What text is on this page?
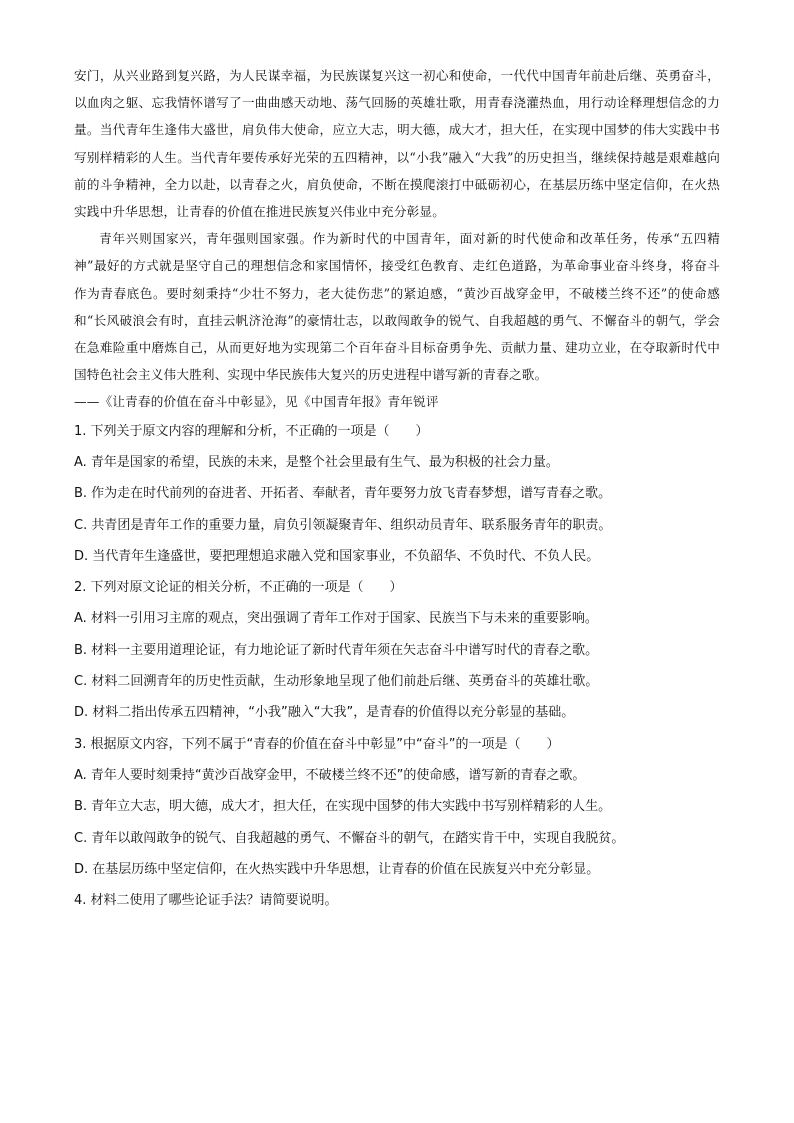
安门，从兴业路到复兴路，为人民谋幸福，为民族谋复兴这一初心和使命，一代代中国青年前赴后继、英勇奋斗，以血肉之躯、忘我情怀谱写了一曲曲感天动地、荡气回肠的英雄壮歌，用青春浇灌热血，用行动诠释理想信念的力量。当代青年生逢伟大盛世，肩负伟大使命，应立大志，明大德，成大才，担大任，在实现中国梦的伟大实践中书写别样精彩的人生。当代青年要传承好光荣的五四精神，以“小我”融入“大我”的历史担当，继续保持越是艰难越向前的斗争精神，全力以赴，以青春之火，肩负使命，不断在摸爬滚打中砥砺初心，在基层历练中坚定信仰，在火热实践中升华思想，让青春的价值在推进民族复兴伟业中充分彰显。

青年兴则国家兴，青年强则国家强。作为新时代的中国青年，面对新的时代使命和改革任务，传承“五四精神”最好的方式就是坚守自己的理想信念和家国情怀，接受红色教育、走红色道路，为革命事业奋斗终身，将奋斗作为青春底色。要时刻秉持“少壮不努力，老大徒伤悲”的紧迫感，“黄沙百战穿金甲，不破楼兰终不还”的使命感和“长风破浪会有时，直挂云帆济沧海”的豪情壮志，以敢闯敢争的锐气、自我超越的勇气、不懈奋斗的朝气，学会在急难险重中磨炼自己，从而更好地为实现第二个百年奋斗目标奋勇争先、贡献力量、建功立业，在夺取新时代中国特色社会主义伟大胜利、实现中华民族伟大复兴的历史进程中谱写新的青春之歌。

——《让青春的价值在奋斗中彰显》，见《中国青年报》青年锐评

1. 下列关于原文内容的理解和分析，不正确的一项是（　　）

A. 青年是国家的希望，民族的未来，是整个社会里最有生气、最为积极的社会力量。

B. 作为走在时代前列的奋进者、开拓者、奉献者，青年要努力放飞青春梦想，谱写青春之歌。

C. 共青团是青年工作的重要力量，肩负引领凝聚青年、组织动员青年、联系服务青年的职责。

D. 当代青年生逢盛世，要把理想追求融入党和国家事业，不负韶华、不负时代、不负人民。

2. 下列对原文论证的相关分析，不正确的一项是（　　）

A. 材料一引用习主席的观点，突出强调了青年工作对于国家、民族当下与未来的重要影响。

B. 材料一主要用道理论证，有力地论证了新时代青年须在矢志奋斗中谱写时代的青春之歌。

C. 材料二回溯青年的历史性贡献，生动形象地呈现了他们前赴后继、英勇奋斗的英雄壮歌。

D. 材料二指出传承五四精神，“小我”融入“大我”，是青春的价值得以充分彰显的基础。

3. 根据原文内容，下列不属于“青春的价值在奋斗中彰显”中“奋斗”的一项是（　　）

A. 青年人要时刻秉持“黄沙百战穿金甲，不破楼兰终不还”的使命感，谱写新的青春之歌。

B. 青年立大志，明大德，成大才，担大任，在实现中国梦的伟大实践中书写别样精彩的人生。

C. 青年以敢闯敢争的锐气、自我超越的勇气、不懈奋斗的朝气，在踏实肯干中，实现自我脱贫。

D. 在基层历练中坚定信仰，在火热实践中升华思想，让青春的价值在民族复兴中充分彰显。

4. 材料二使用了哪些论证手法？请简要说明。
